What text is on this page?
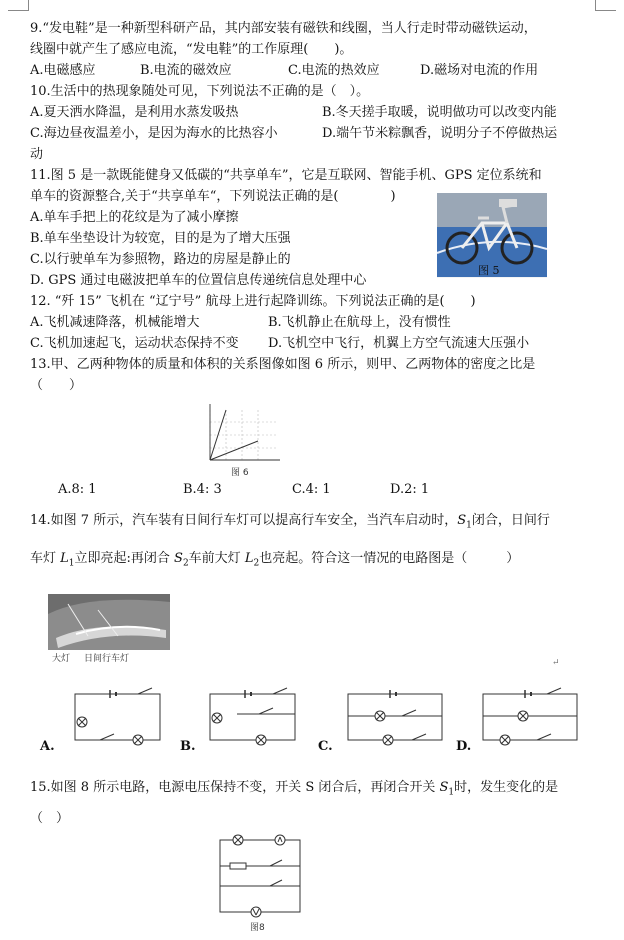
9.“发电鞋”是一种新型科研产品，其内部安装有磁铁和线圈，当人行走时带动磁铁运动，
线圈中就产生了感应电流，“发电鞋”的工作原理(　　)。
A.电磁感应	B.电流的磁效应	C.电流的热效应	D.磁场对电流的作用
10.生活中的热现象随处可见，下列说法不正确的是（　）。
A.夏天洒水降温，是利用水蒸发吸热	B.冬天搓手取暖，说明做功可以改变内能
C.海边昼夜温差小，是因为海水的比热容小	D.端午节米粽飘香，说明分子不停做热运
动
11.图 5 是一款既能健身又低碳的“共享单车”，它是互联网、智能手机、GPS 定位系统和
单车的资源整合,关于“共享单车“，下列说法正确的是(　　　　)
A.单车手把上的花纹是为了减小摩擦
B.单车坐垫设计为较宽，目的是为了增大压强
C.以行驶单车为参照物，路边的房屋是静止的
D. GPS 通过电磁波把单车的位置信息传递统信息处理中心
图 5
12. “歼 15” 飞机在 “辽宁号” 航母上进行起降训练。下列说法正确的是(　　)
A.飞机减速降落，机械能增大	B.飞机静止在航母上，没有惯性
C.飞机加速起飞，运动状态保持不变 D.飞机空中飞行，机翼上方空气流速大压强小
13.甲、乙两种物体的质量和体积的关系图像如图 6 所示，则甲、乙两物体的密度之比是
（　　）
图 6
A.8: 1	B.4: 3	C.4: 1	D.2: 1
14.如图 7 所示，汽车装有日间行车灯可以提高行车安全，当汽车启动时，$S_1$闭合，日间行
车灯 $L_1$立即亮起:再闭合 $S_2$车前大灯 $L_2$也亮起。符合这一情况的电路图是（　　　）
大灯 日间行车灯	↵
A.	B.	C.	D.
15.如图 8 所示电路，电源电压保持不变，开关 S 闭合后，再闭合开关 $S_1$时，发生变化的是
（　）
图8
